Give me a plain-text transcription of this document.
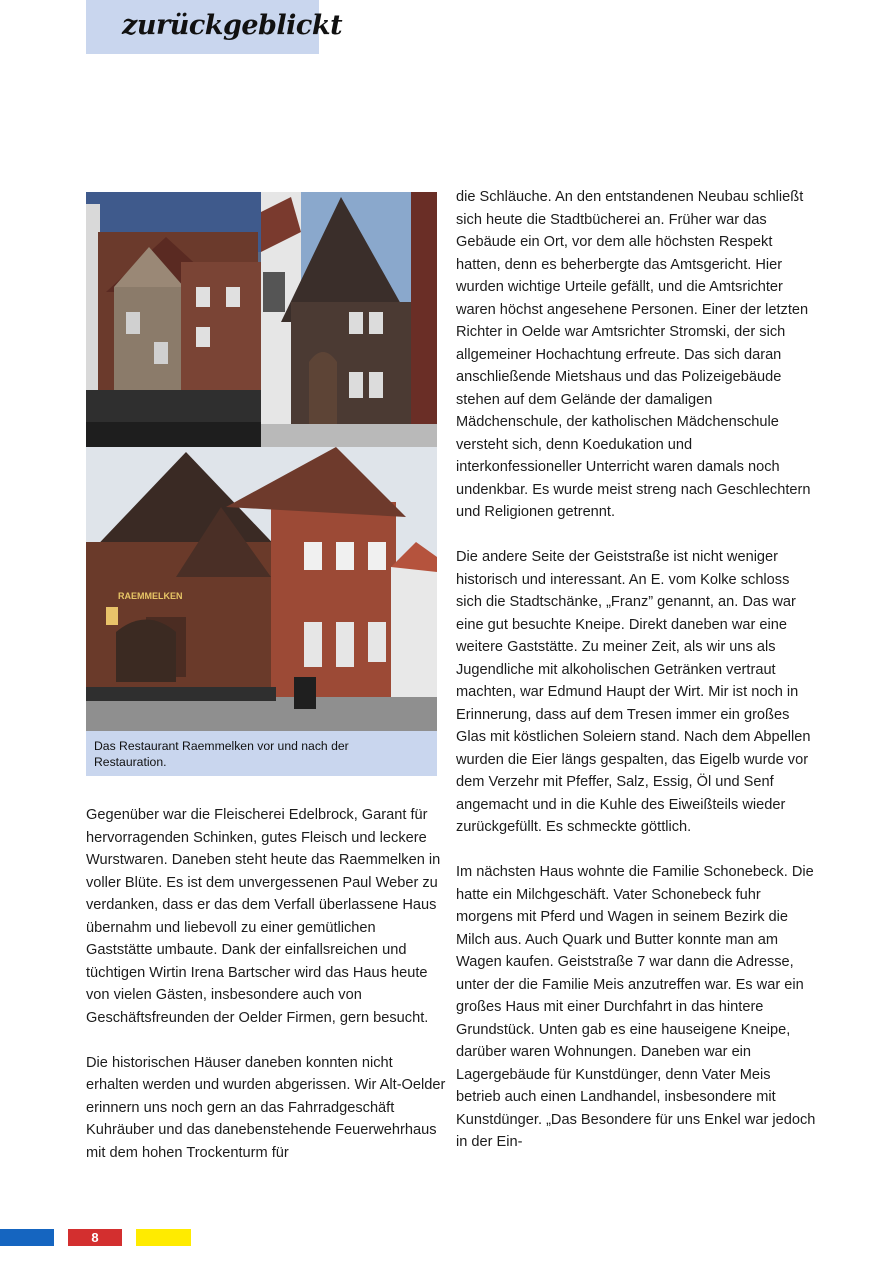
zurückgeblickt
RAEMMELKEN

Das Restaurant Raemmelken vor und nach der Restauration.

Gegenüber war die Fleischerei Edelbrock, Garant für hervorragenden Schinken, gutes Fleisch und leckere Wurstwaren. Daneben steht heute das Raemmelken in voller Blüte. Es ist dem unvergessenen Paul Weber zu verdanken, dass er das dem Verfall überlassene Haus übernahm und liebevoll zu einer gemütlichen Gaststätte umbaute. Dank der einfallsreichen und tüchtigen Wirtin Irena Bartscher wird das Haus heute von vielen Gästen, insbesondere auch von Geschäftsfreunden der Oelder Firmen, gern besucht.

Die historischen Häuser daneben konnten nicht erhalten werden und wurden abgerissen. Wir Alt-Oelder erinnern uns noch gern an das Fahrradgeschäft Kuhräuber und das danebenstehende Feuerwehrhaus mit dem hohen Trockenturm für

die Schläuche. An den entstandenen Neubau schließt sich heute die Stadtbücherei an. Früher war das Gebäude ein Ort, vor dem alle höchsten Respekt hatten, denn es beherbergte das Amtsgericht. Hier wurden wichtige Urteile gefällt, und die Amtsrichter waren höchst angesehene Personen. Einer der letzten Richter in Oelde war Amtsrichter Stromski, der sich allgemeiner Hochachtung erfreute. Das sich daran anschließende Mietshaus und das Polizeigebäude stehen auf dem Gelände der damaligen Mädchenschule, der katholischen Mädchenschule versteht sich, denn Koedukation und interkonfessioneller Unterricht waren damals noch undenkbar. Es wurde meist streng nach Geschlechtern und Religionen getrennt.

Die andere Seite der Geiststraße ist nicht weniger historisch und interessant. An E. vom Kolke schloss sich die Stadtschänke, „Franz” genannt, an. Das war eine gut besuchte Kneipe. Direkt daneben war eine weitere Gaststätte. Zu meiner Zeit, als wir uns als Jugendliche mit alkoholischen Getränken vertraut machten, war Edmund Haupt der Wirt. Mir ist noch in Erinnerung, dass auf dem Tresen immer ein großes Glas mit köstlichen Soleiern stand. Nach dem Abpellen wurden die Eier längs gespalten, das Eigelb wurde vor dem Verzehr mit Pfeffer, Salz, Essig, Öl und Senf angemacht und in die Kuhle des Eiweißteils wieder zurückgefüllt. Es schmeckte göttlich.

Im nächsten Haus wohnte die Familie Schonebeck. Die hatte ein Milchgeschäft. Vater Schonebeck fuhr morgens mit Pferd und Wagen in seinem Bezirk die Milch aus. Auch Quark und Butter konnte man am Wagen kaufen. Geiststraße 7 war dann die Adresse, unter der die Familie Meis anzutreffen war. Es war ein großes Haus mit einer Durchfahrt in das hintere Grundstück. Unten gab es eine hauseigene Kneipe, darüber waren Wohnungen. Daneben war ein Lagergebäude für Kunstdünger, denn Vater Meis betrieb auch einen Landhandel, insbesondere mit Kunstdünger. „Das Besondere für uns Enkel war jedoch in der Ein-

8
